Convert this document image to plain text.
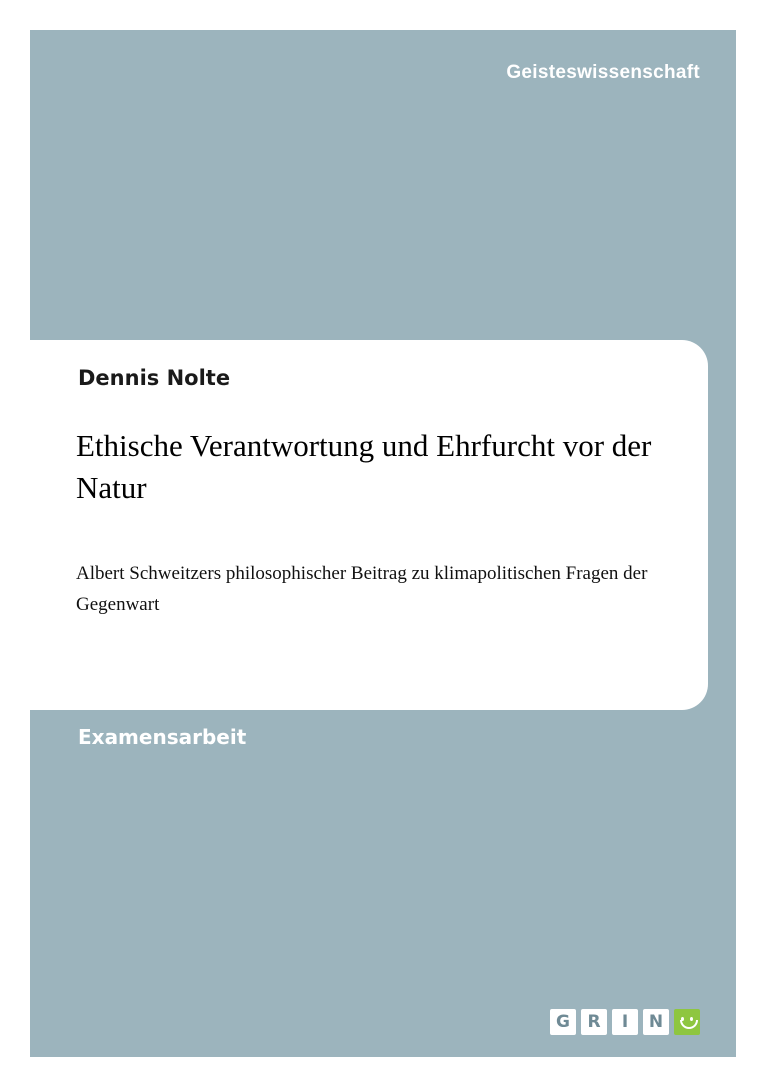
Geisteswissenschaft
Dennis Nolte
Ethische Verantwortung und Ehrfurcht vor der Natur
Albert Schweitzers philosophischer Beitrag zu klimapolitischen Fragen der Gegenwart
Examensarbeit
G	R	I	N
